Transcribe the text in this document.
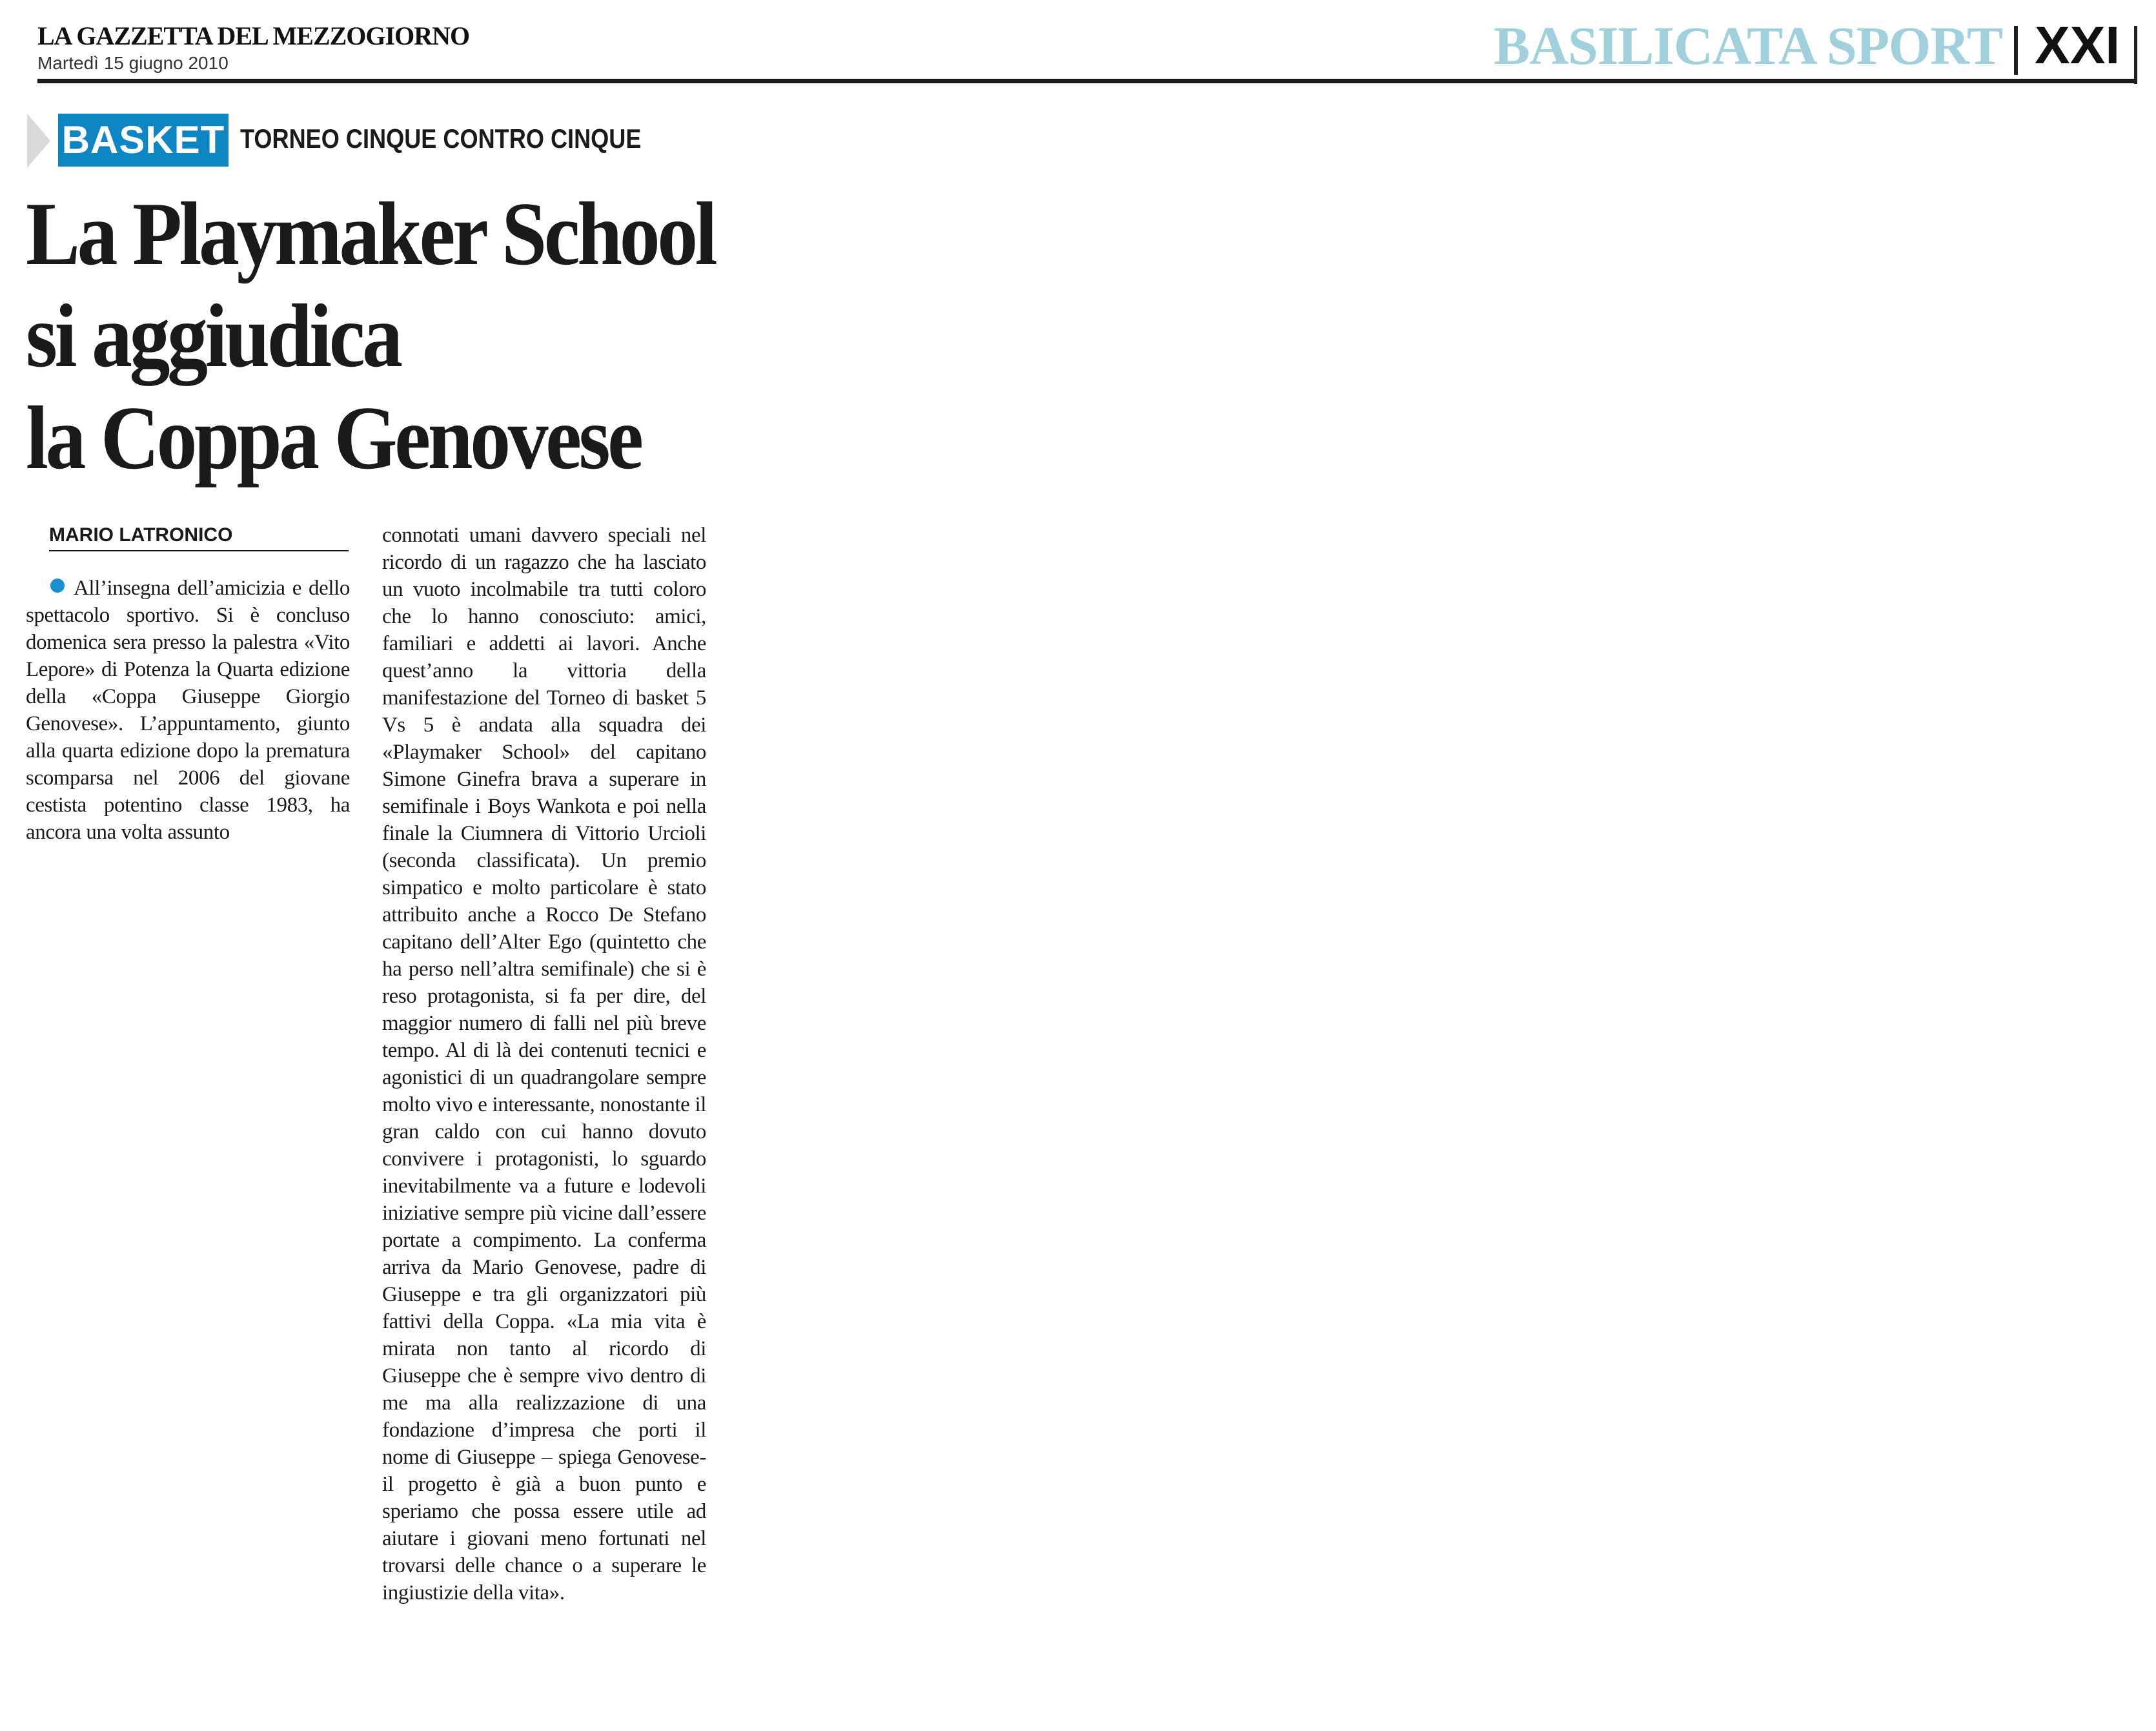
LA GAZZETTA DEL MEZZOGIORNO
Martedì 15 giugno 2010	BASILICATA SPORT XXI
BASKET TORNEO CINQUE CONTRO CINQUE
La Playmaker School
si aggiudica
la Coppa Genovese
MARIO LATRONICO
All’insegna dell’amicizia e dello spettacolo sportivo. Si è concluso domenica sera presso la palestra «Vito Lepore» di Potenza la Quarta edizione della «Coppa Giuseppe Giorgio Genovese». L’appuntamento, giunto alla quarta edizione dopo la prematura scomparsa nel 2006 del giovane cestista potentino classe 1983, ha ancora una volta assunto
connotati umani davvero speciali nel ricordo di un ragazzo che ha lasciato un vuoto incolmabile tra tutti coloro che lo hanno conosciuto: amici, familiari e addetti ai lavori. Anche quest’anno la vittoria della manifestazione del Torneo di basket 5 Vs 5 è andata alla squadra dei «Playmaker School» del capitano Simone Ginefra brava a superare in semifinale i Boys Wankota e poi nella finale la Ciumnera di Vittorio Urcioli (seconda classificata). Un premio simpatico e molto particolare è stato attribuito anche a Rocco De Stefano capitano dell’Alter Ego (quintetto che ha perso nell’altra semifinale) che si è reso protagonista, si fa per dire, del maggior numero di falli nel più breve tempo. Al di là dei contenuti tecnici e agonistici di un quadrangolare sempre molto vivo e interessante, nonostante il gran caldo con cui hanno dovuto convivere i protagonisti, lo sguardo inevitabilmente va a future e lodevoli iniziative sempre più vicine dall’essere portate a compimento. La conferma arriva da Mario Genovese, padre di Giuseppe e tra gli organizzatori più fattivi della Coppa. «La mia vita è mirata non tanto al ricordo di Giuseppe che è sempre vivo dentro di me ma alla realizzazione di una fondazione d’impresa che porti il nome di Giuseppe – spiega Genovese- il progetto è già a buon punto e speriamo che possa essere utile ad aiutare i giovani meno fortunati nel trovarsi delle chance o a superare le ingiustizie della vita».
